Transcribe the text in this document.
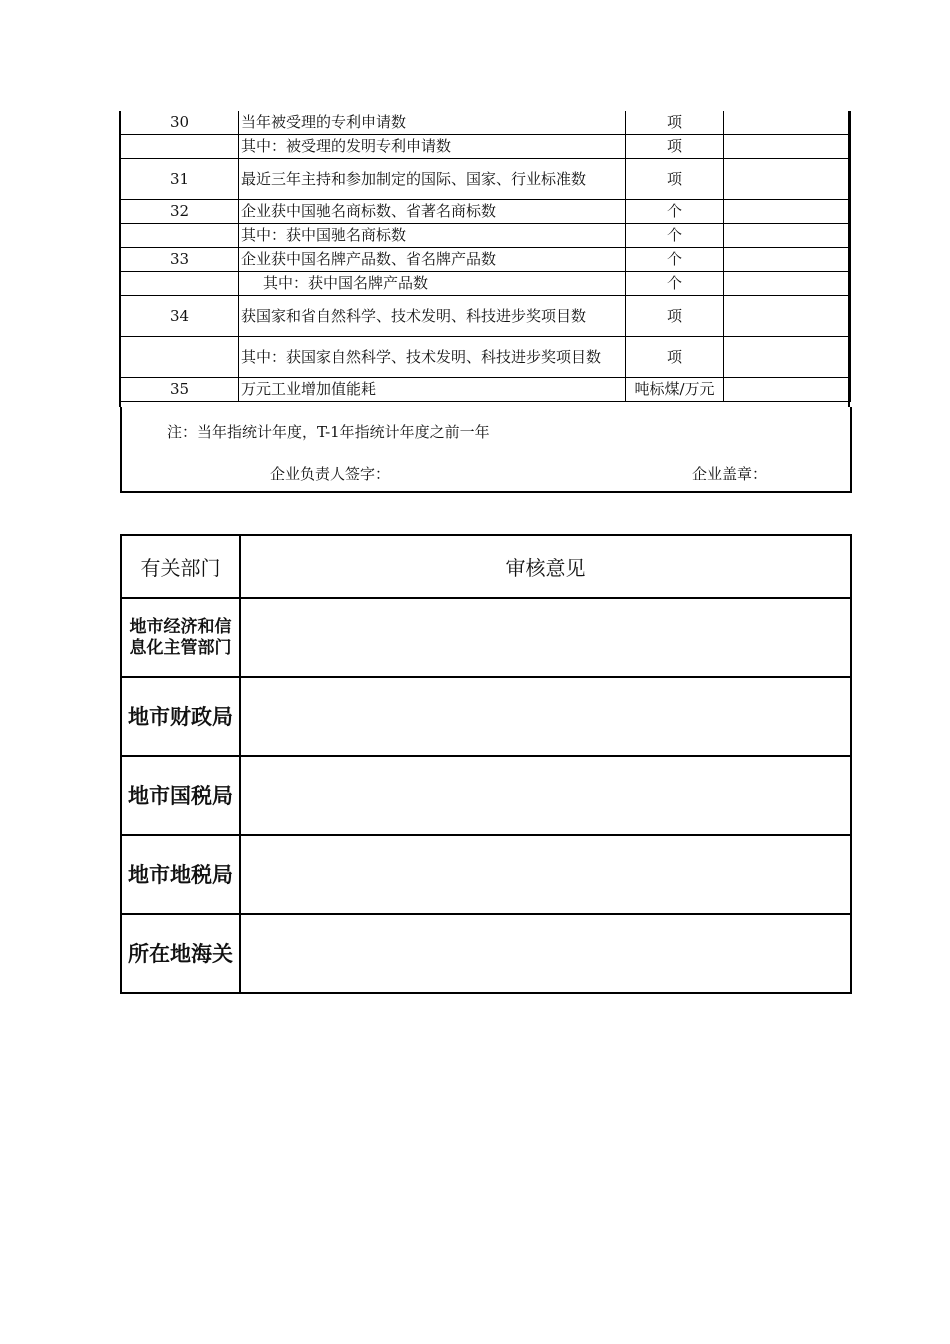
30	当年被受理的专利申请数	项	
	其中：被受理的发明专利申请数	项	
31	最近三年主持和参加制定的国际、国家、行业标准数	项	
32	企业获中国驰名商标数、省著名商标数	个	
	其中：获中国驰名商标数	个	
33	企业获中国名牌产品数、省名牌产品数	个	
	其中：获中国名牌产品数	个	
34	获国家和省自然科学、技术发明、科技进步奖项目数	项	
	其中：获国家自然科学、技术发明、科技进步奖项目数	项	
35	万元工业增加值能耗	吨标煤/万元	
注：当年指统计年度，T-1年指统计年度之前一年
企业负责人签字：	企业盖章：
有关部门	审核意见
地市经济和信息化主管部门	
地市财政局	
地市国税局	
地市地税局	
所在地海关	
